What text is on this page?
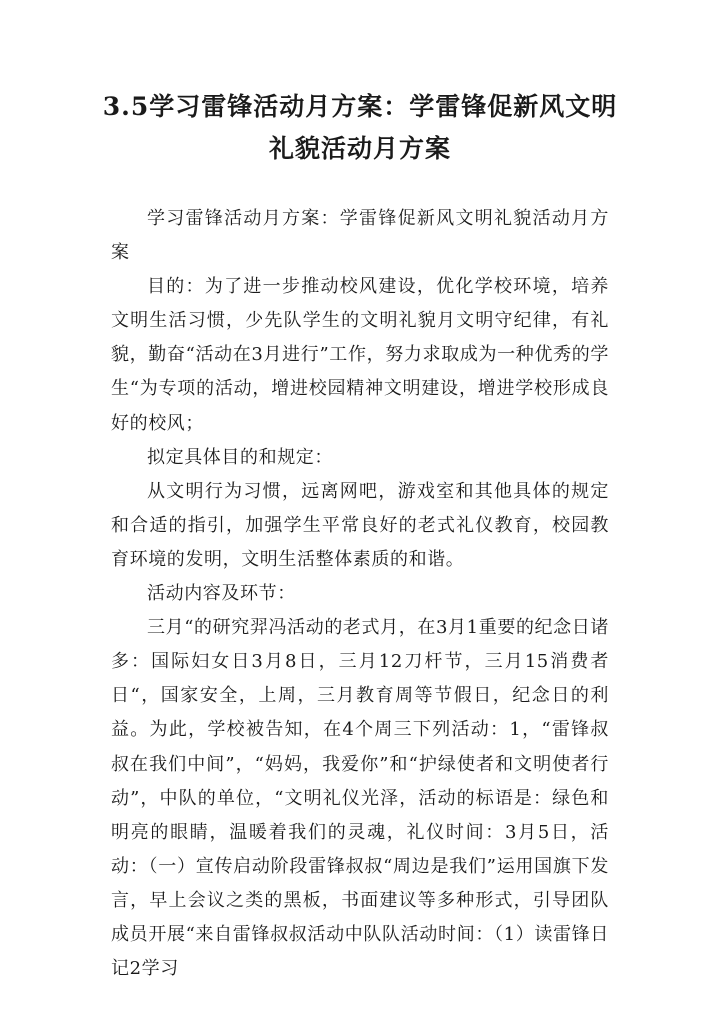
3.5学习雷锋活动月方案：学雷锋促新风文明礼貌活动月方案

学习雷锋活动月方案：学雷锋促新风文明礼貌活动月方案

目的：为了进一步推动校风建设，优化学校环境，培养文明生活习惯，少先队学生的文明礼貌月文明守纪律，有礼貌，勤奋“活动在3月进行”工作，努力求取成为一种优秀的学生“为专项的活动，增进校园精神文明建设，增进学校形成良好的校风；

拟定具体目的和规定：

从文明行为习惯，远离网吧，游戏室和其他具体的规定和合适的指引，加强学生平常良好的老式礼仪教育，校园教育环境的发明，文明生活整体素质的和谐。

活动内容及环节：

三月“的研究羿冯活动的老式月，在3月1重要的纪念日诸多：国际妇女日3月8日，三月12刀杆节，三月15消费者日“，国家安全，上周，三月教育周等节假日，纪念日的利益。为此，学校被告知，在4个周三下列活动：1，“雷锋叔叔在我们中间”，“妈妈，我爱你”和“护绿使者和文明使者行动”，中队的单位，“文明礼仪光泽，活动的标语是：绿色和明亮的眼睛，温暖着我们的灵魂，礼仪时间：3月5日，活动：（一）宣传启动阶段雷锋叔叔“周边是我们”运用国旗下发言，早上会议之类的黑板，书面建议等多种形式，引导团队成员开展“来自雷锋叔叔活动中队队活动时间：（1）读雷锋日记2学习
